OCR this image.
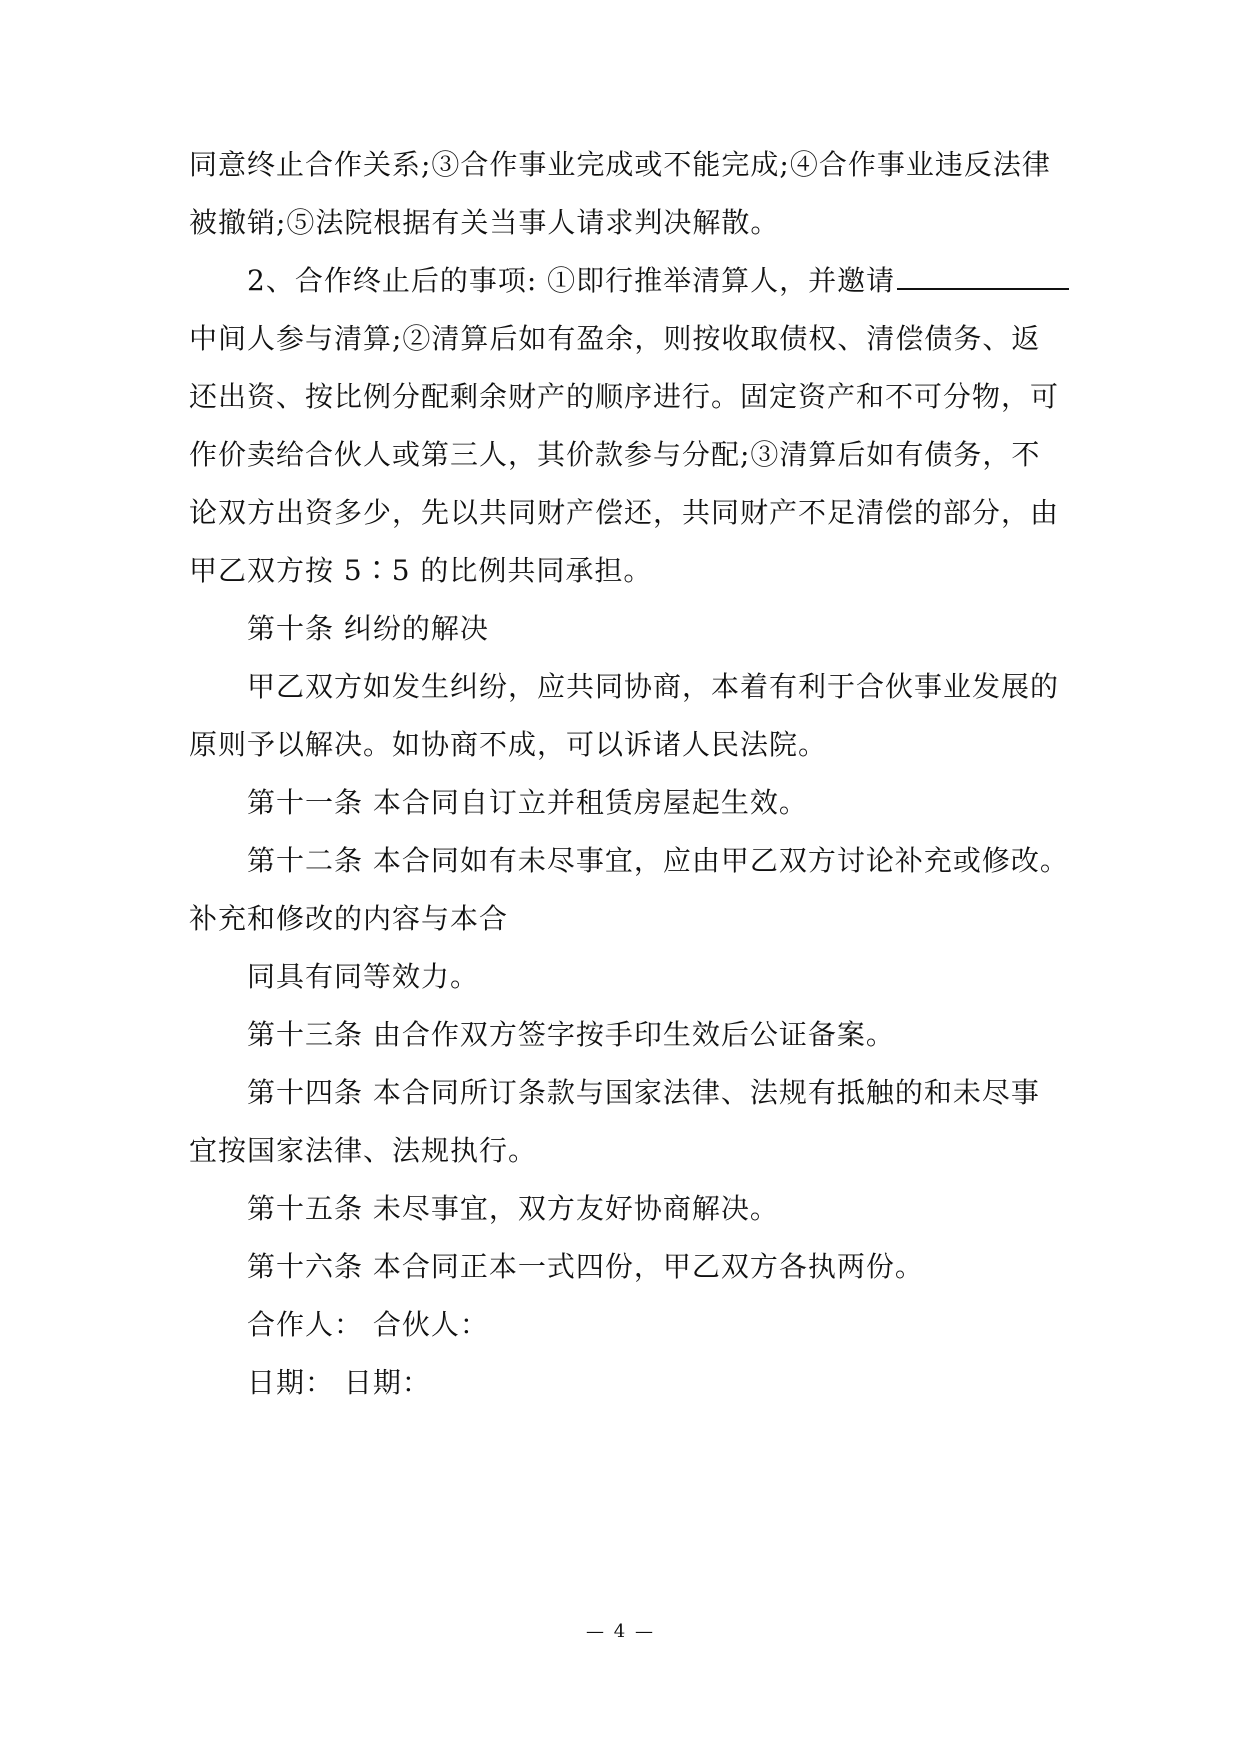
同意终止合作关系;③合作事业完成或不能完成;④合作事业违反法律
被撤销;⑤法院根据有关当事人请求判决解散。
2、合作终止后的事项: ①即行推举清算人，并邀请
中间人参与清算;②清算后如有盈余，则按收取债权、清偿债务、返
还出资、按比例分配剩余财产的顺序进行。固定资产和不可分物，可
作价卖给合伙人或第三人，其价款参与分配;③清算后如有债务，不
论双方出资多少，先以共同财产偿还，共同财产不足清偿的部分，由
甲乙双方按 5∶5 的比例共同承担。
第十条 纠纷的解决
甲乙双方如发生纠纷，应共同协商，本着有利于合伙事业发展的
原则予以解决。如协商不成，可以诉诸人民法院。
第十一条 本合同自订立并租赁房屋起生效。
第十二条 本合同如有未尽事宜，应由甲乙双方讨论补充或修改。
补充和修改的内容与本合
同具有同等效力。
第十三条 由合作双方签字按手印生效后公证备案。
第十四条 本合同所订条款与国家法律、法规有抵触的和未尽事
宜按国家法律、法规执行。
第十五条 未尽事宜，双方友好协商解决。
第十六条 本合同正本一式四份，甲乙双方各执两份。
合作人： 合伙人：
日期： 日期：
— 4 —
